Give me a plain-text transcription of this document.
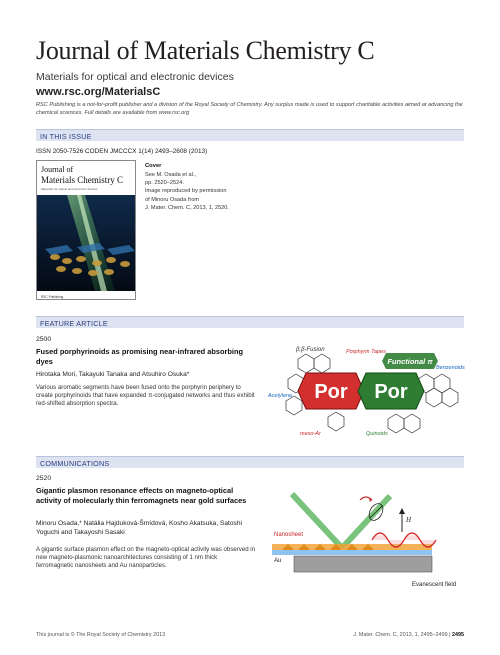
Journal of Materials Chemistry C
Materials for optical and electronic devices
www.rsc.org/MaterialsC
RSC Publishing is a not-for-profit publisher and a division of the Royal Society of Chemistry. Any surplus made is used to support charitable activities aimed at advancing the chemical sciences. Full details are available from www.rsc.org
IN THIS ISSUE
ISSN 2050-7526 CODEN JMCCCX 1(14) 2493–2608 (2013)
Journal of
Materials Chemistry C
Materials for optical and electronic devices
RSC Publishing
Cover
See M. Osada et al.,
pp. 2520–2524.
Image reproduced by permission
of Minoru Osada from
J. Mater. Chem. C, 2013, 1, 2520.
FEATURE ARTICLE
2500
Fused porphyrinoids as promising near-infrared absorbing dyes
Hirotaka Mori, Takayuki Tanaka and Atsuhiro Osuka*
Various aromatic segments have been fused onto the porphyrin periphery to create porphyrinoids that have expanded π-conjugated networks and thus exhibit red-shifted absorption spectra.
Por Por
β,β-Fusion	Porphyrin Tapes
Functional π
Benzenoids
Acetylene
meso-Ar	Quinoids
COMMUNICATIONS
2520
Gigantic plasmon resonance effects on magneto-optical activity of molecularly thin ferromagnets near gold surfaces
Minoru Osada,* Natália Hajduková-Šmídová, Kosho Akatsuka, Satoshi Yoguchi and Takayoshi Sasaki
A gigantic surface plasmon effect on the magneto-optical activity was observed in new magneto-plasmonic nanoarchitectures consisting of 1 nm thick ferromagnetic nanosheets and Au nanoparticles.
H
Nanosheet
Au
Evanescent field
This journal is © The Royal Society of Chemistry 2013	J. Mater. Chem. C, 2013, 1, 2495–2499 | 2495
